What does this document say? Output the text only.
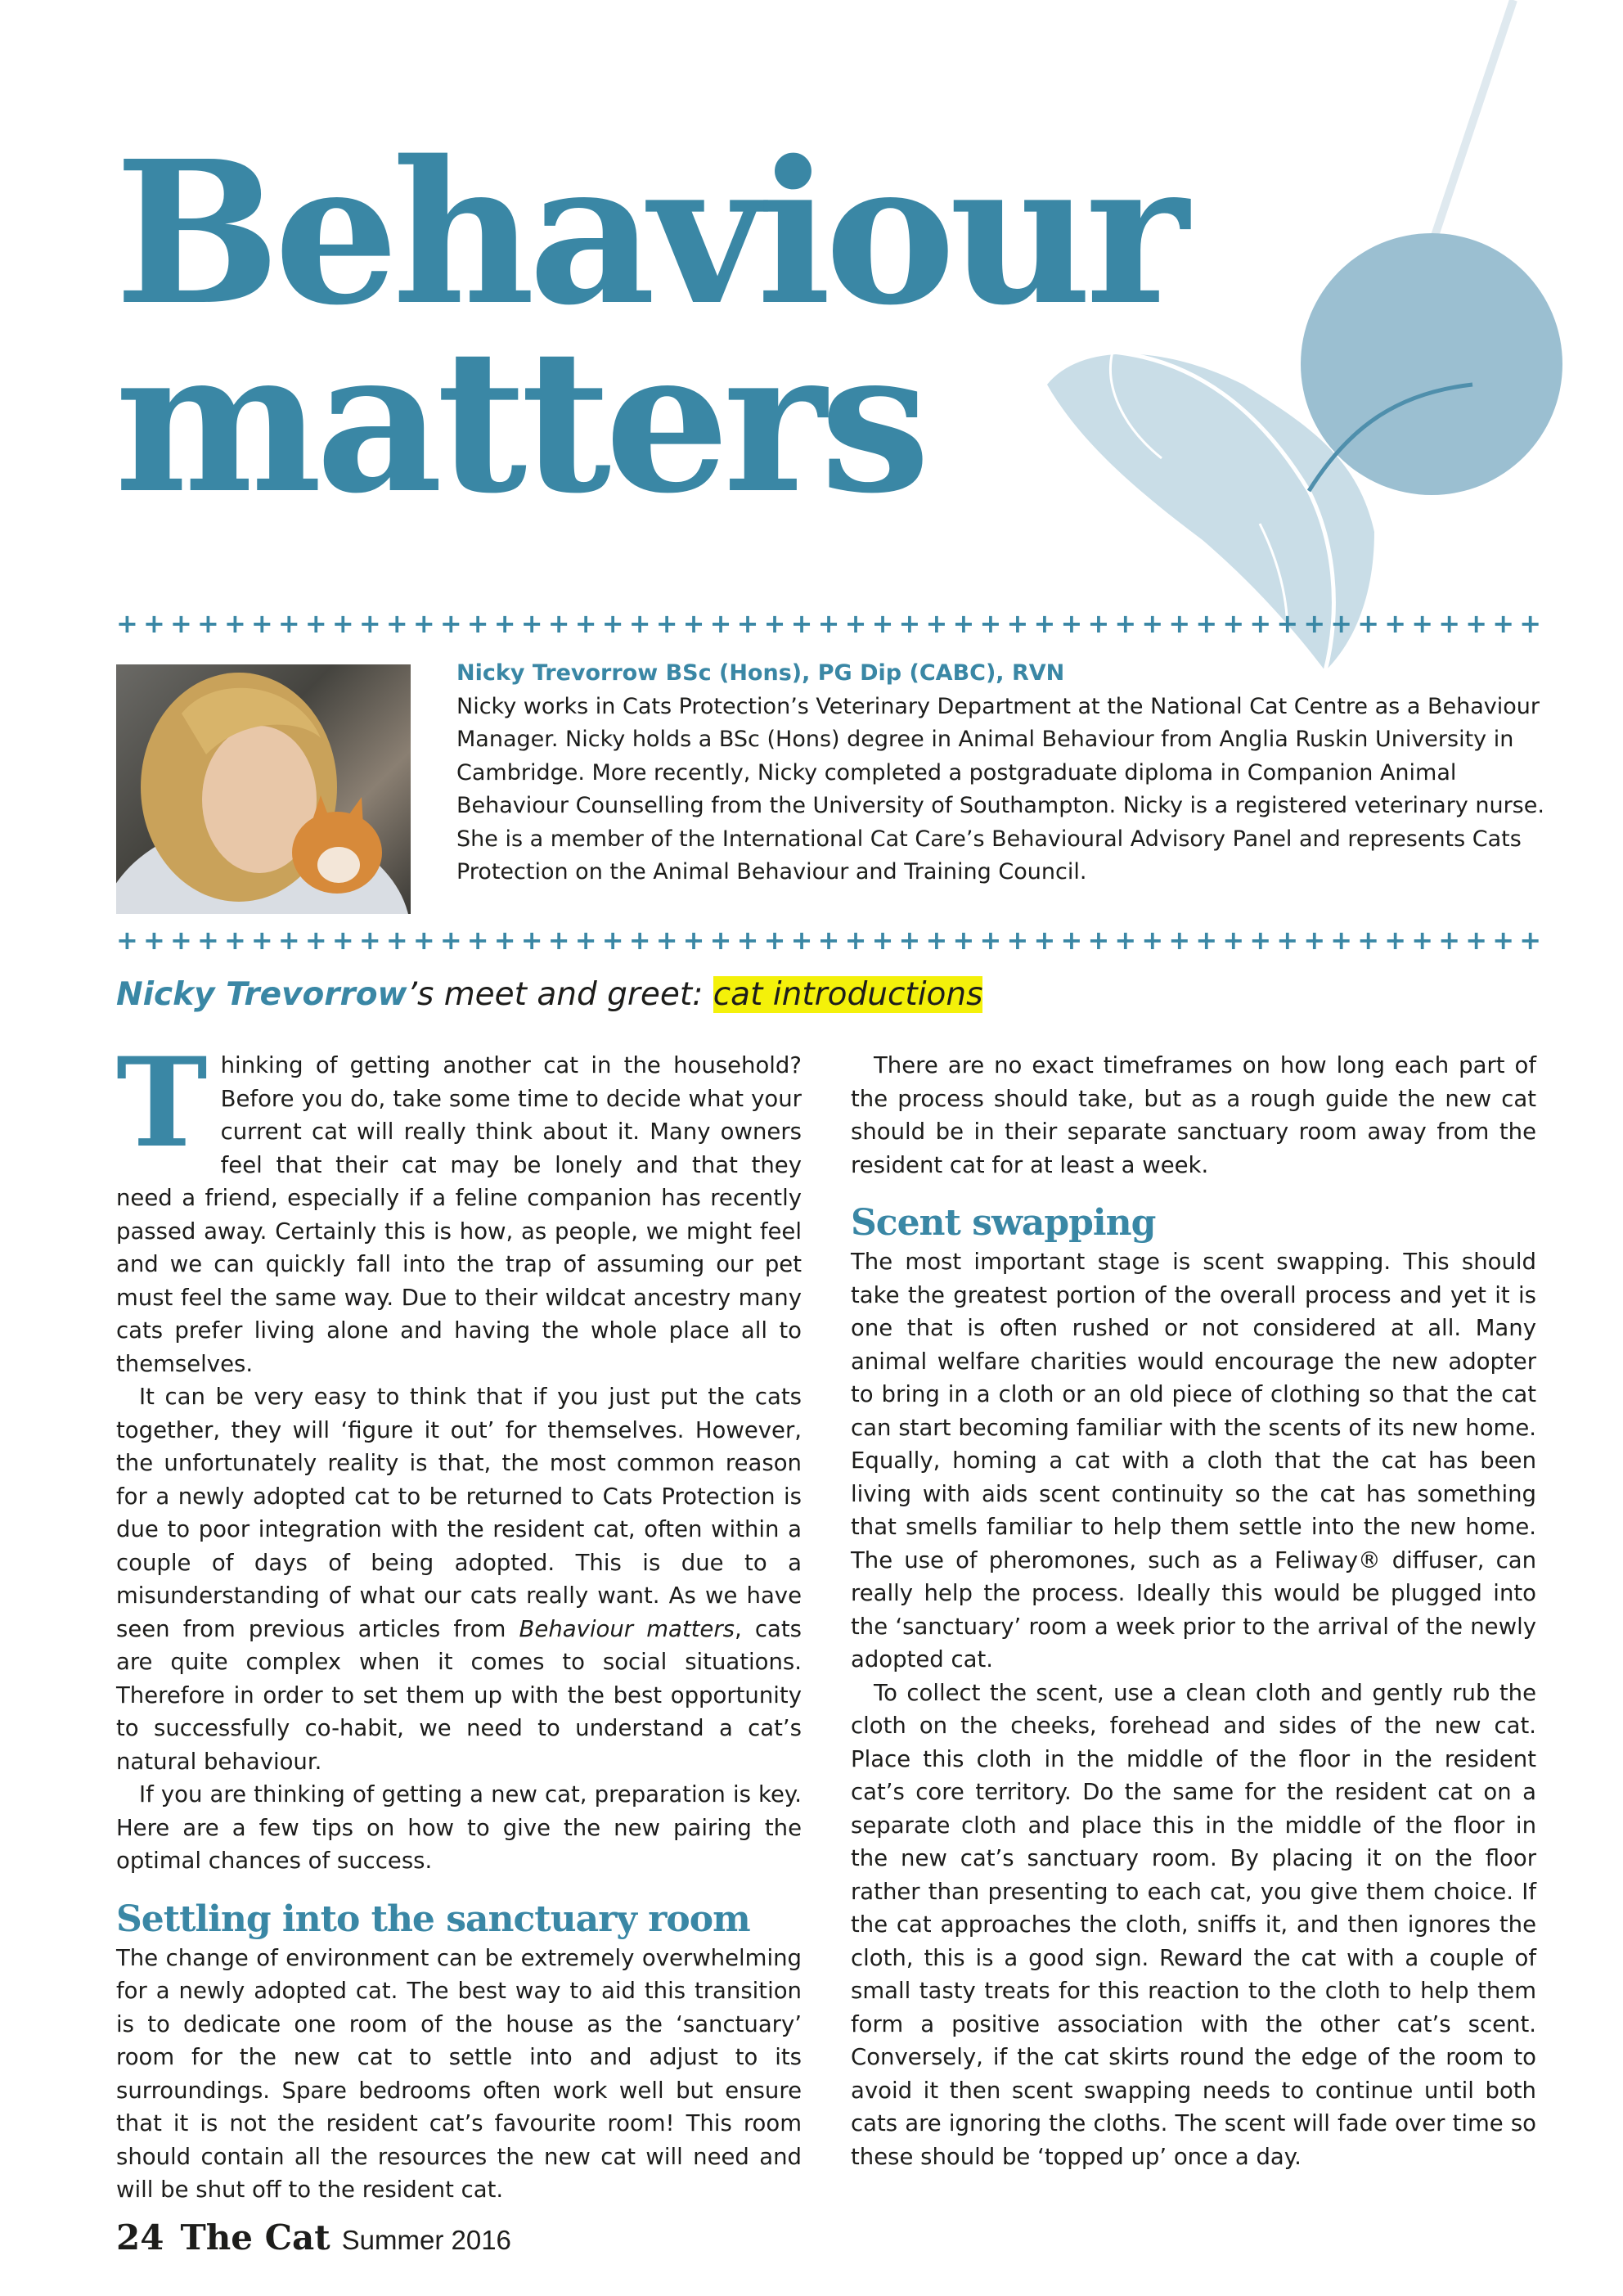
Behaviour
matters
+ + + + + + + + + + + + + + + + + + + + + + + + + + + + + + + + + + + + + + + + + + + + + + + + + + + + +
Nicky Trevorrow BSc (Hons), PG Dip (CABC), RVN
Nicky works in Cats Protection’s Veterinary Department at the National Cat Centre as a Behaviour Manager. Nicky holds a BSc (Hons) degree in Animal Behaviour from Anglia Ruskin University in Cambridge. More recently, Nicky completed a postgraduate diploma in Companion Animal Behaviour Counselling from the University of Southampton. Nicky is a registered veterinary nurse. She is a member of the International Cat Care’s Behavioural Advisory Panel and represents Cats Protection on the Animal Behaviour and Training Council.
+ + + + + + + + + + + + + + + + + + + + + + + + + + + + + + + + + + + + + + + + + + + + + + + + + + + + +
Nicky Trevorrow’s meet and greet: cat introductions

Thinking of getting another cat in the household? Before you do, take some time to decide what your current cat will really think about it. Many owners feel that their cat may be lonely and that they need a friend, especially if a feline companion has recently passed away. Certainly this is how, as people, we might feel and we can quickly fall into the trap of assuming our pet must feel the same way. Due to their wildcat ancestry many cats prefer living alone and having the whole place all to themselves.

It can be very easy to think that if you just put the cats together, they will ‘figure it out’ for themselves. However, the unfortunately reality is that, the most common reason for a newly adopted cat to be returned to Cats Protection is due to poor integration with the resident cat, often within a couple of days of being adopted. This is due to a misunderstanding of what our cats really want. As we have seen from previous articles from Behaviour matters, cats are quite complex when it comes to social situations. Therefore in order to set them up with the best opportunity to successfully co-habit, we need to understand a cat’s natural behaviour.

If you are thinking of getting a new cat, preparation is key. Here are a few tips on how to give the new pairing the optimal chances of success.

Settling into the sanctuary room

The change of environment can be extremely overwhelming for a newly adopted cat. The best way to aid this transition is to dedicate one room of the house as the ‘sanctuary’ room for the new cat to settle into and adjust to its surroundings. Spare bedrooms often work well but ensure that it is not the resident cat’s favourite room! This room should contain all the resources the new cat will need and will be shut off to the resident cat.

There are no exact timeframes on how long each part of the process should take, but as a rough guide the new cat should be in their separate sanctuary room away from the resident cat for at least a week.

Scent swapping

The most important stage is scent swapping. This should take the greatest portion of the overall process and yet it is one that is often rushed or not considered at all. Many animal welfare charities would encourage the new adopter to bring in a cloth or an old piece of clothing so that the cat can start becoming familiar with the scents of its new home. Equally, homing a cat with a cloth that the cat has been living with aids scent continuity so the cat has something that smells familiar to help them settle into the new home. The use of pheromones, such as a Feliway® diffuser, can really help the process. Ideally this would be plugged into the ‘sanctuary’ room a week prior to the arrival of the newly adopted cat.

To collect the scent, use a clean cloth and gently rub the cloth on the cheeks, forehead and sides of the new cat. Place this cloth in the middle of the floor in the resident cat’s core territory. Do the same for the resident cat on a separate cloth and place this in the middle of the floor in the new cat’s sanctuary room. By placing it on the floor rather than presenting to each cat, you give them choice. If the cat approaches the cloth, sniffs it, and then ignores the cloth, this is a good sign. Reward the cat with a couple of small tasty treats for this reaction to the cloth to help them form a positive association with the other cat’s scent. Conversely, if the cat skirts round the edge of the room to avoid it then scent swapping needs to continue until both cats are ignoring the cloths. The scent will fade over time so these should be ‘topped up’ once a day.

24 The Cat Summer 2016
